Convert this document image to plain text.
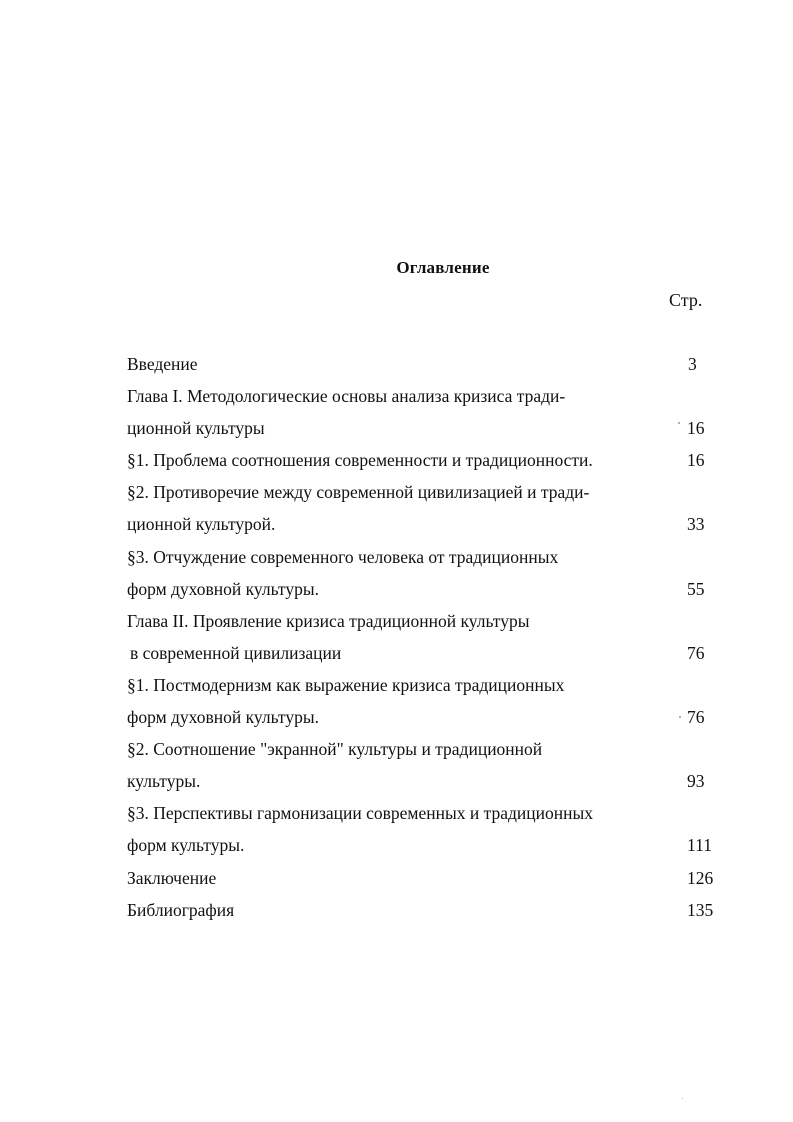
Оглавление
Стр.
Введение	3
Глава I. Методологические основы анализа кризиса тради-
ционной культуры	16
§1. Проблема соотношения современности и традиционности.	16
§2. Противоречие между современной цивилизацией и тради-
ционной культурой.	33
§3. Отчуждение современного человека от традиционных
форм духовной культуры.	55
Глава II. Проявление кризиса традиционной культуры
в современной цивилизации	76
§1. Постмодернизм как выражение кризиса традиционных
форм духовной культуры.	76
§2. Соотношение "экранной" культуры и традиционной
культуры.	93
§3. Перспективы гармонизации современных и традиционных
форм культуры.	111
Заключение	126
Библиография	135
